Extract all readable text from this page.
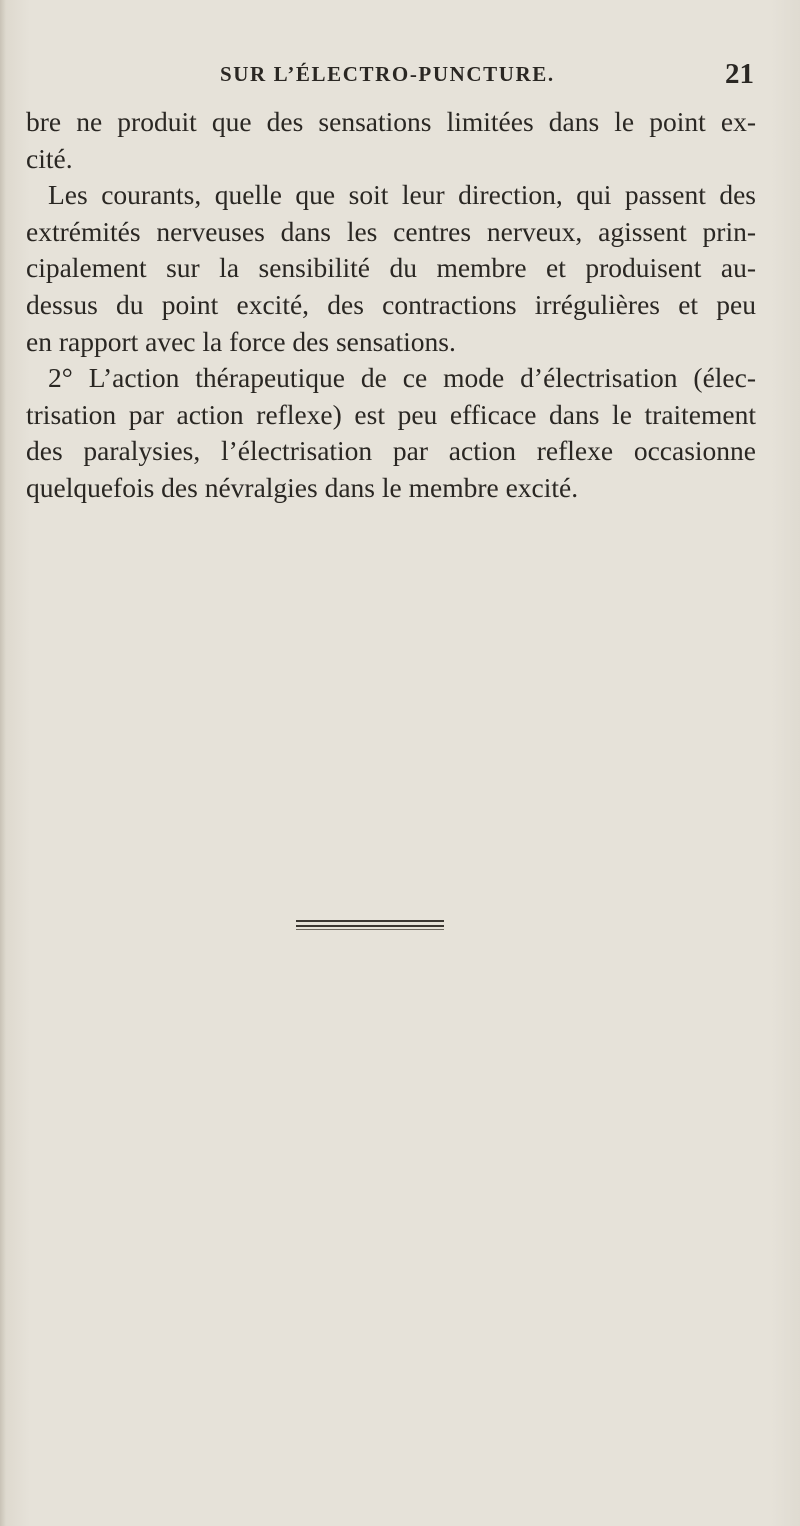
SUR L’ÉLECTRO-PUNCTURE.	21
bre ne produit que des sensations limitées dans le point ex-
cité.
Les courants, quelle que soit leur direction, qui passent des
extrémités nerveuses dans les centres nerveux, agissent prin-
cipalement sur la sensibilité du membre et produisent au-
dessus du point excité, des contractions irrégulières et peu
en rapport avec la force des sensations.
2° L’action thérapeutique de ce mode d’électrisation (élec-
trisation par action reflexe) est peu efficace dans le traitement
des paralysies, l’électrisation par action reflexe occasionne
quelquefois des névralgies dans le membre excité.
